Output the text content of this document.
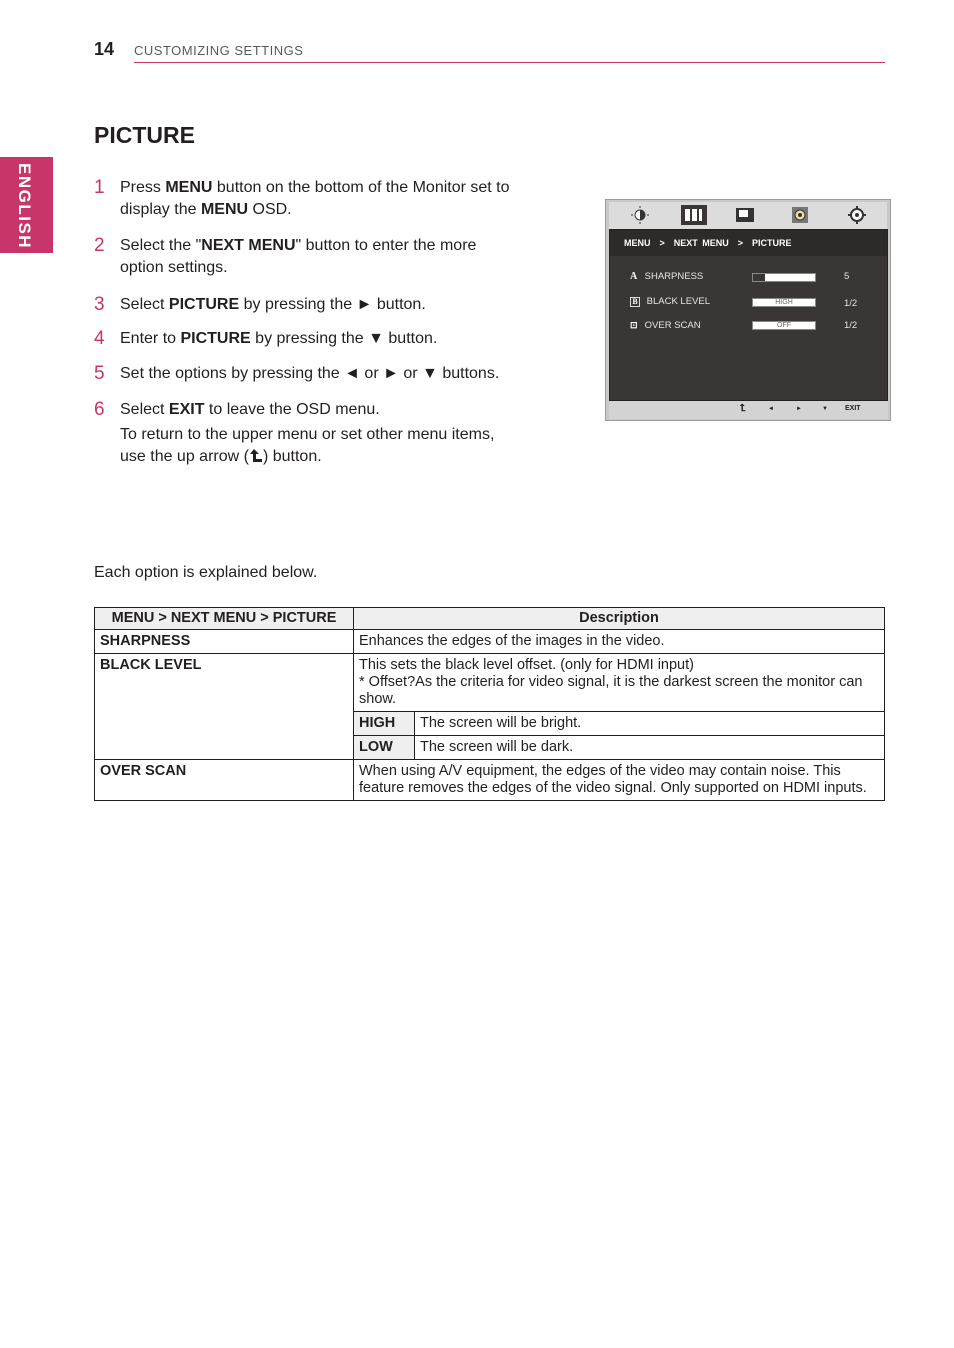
14 CUSTOMIZING SETTINGS
ENGLISH
PICTURE
1 Press MENU button on the bottom of the Monitor set to display the MENU OSD.
2 Select the "NEXT MENU" button to enter the more option settings.
3 Select PICTURE by pressing the ► button.
4 Enter to PICTURE by pressing the ▼ button.
5 Set the options by pressing the ◄ or ► or ▼ buttons.
6 Select EXIT to leave the OSD menu.
To return to the upper menu or set other menu items, use the up arrow ( ) button.
MENU  >  NEXT MENU  >  PICTURE
A SHARPNESS	5
B BLACK LEVEL	HIGH	1/2
⊡ OVER SCAN	OFF	1/2
⮤	◄	►	▼ EXIT
Each option is explained below.
MENU > NEXT MENU > PICTURE	Description	
SHARPNESS	Enhances the edges of the images in the video.	
BLACK LEVEL	This sets the black level offset. (only for HDMI input)
* Offset?As the criteria for video signal, it is the darkest screen the monitor can show.	

	HIGH	The screen will be bright.
	LOW	The screen will be dark.
OVER SCAN	When using A/V equipment, the edges of the video may contain noise. This feature removes the edges of the video signal. Only supported on HDMI inputs.	
